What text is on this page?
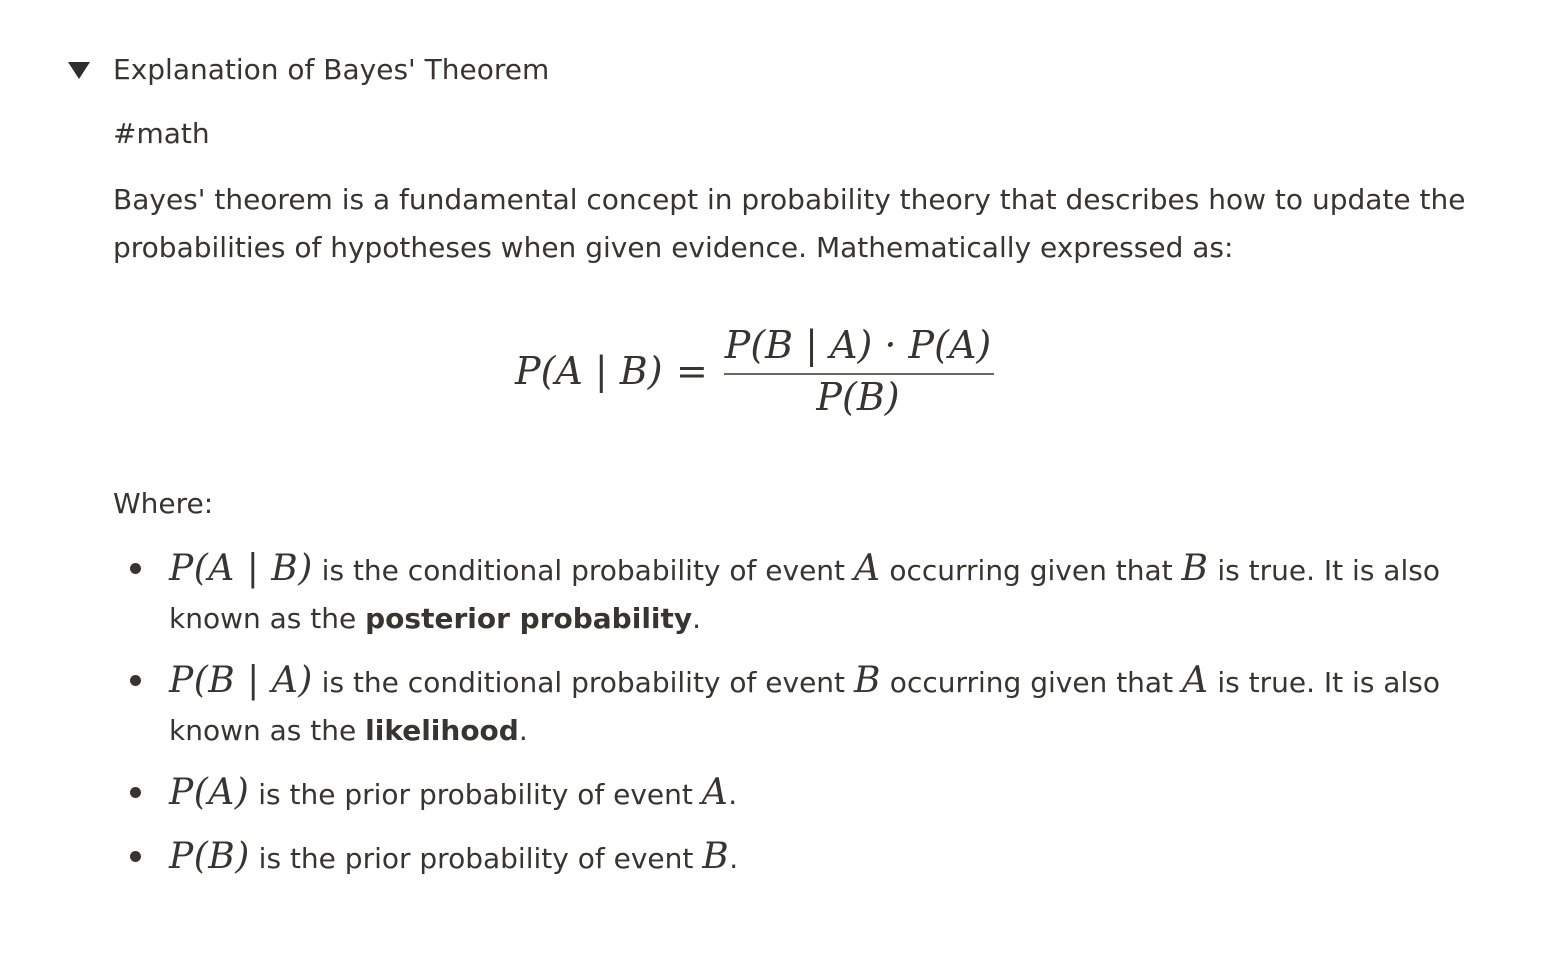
Explanation of Bayes' Theorem
#math
Bayes' theorem is a fundamental concept in probability theory that describes how to update the probabilities of hypotheses when given evidence. Mathematically expressed as:
P(A | B) =
P(B | A) · P(A)
P(B)
Where:
P(A | B) is the conditional probability of event A occurring given that B is true. It is also known as the posterior probability.
P(B | A) is the conditional probability of event B occurring given that A is true. It is also known as the likelihood.
P(A) is the prior probability of event A.
P(B) is the prior probability of event B.
